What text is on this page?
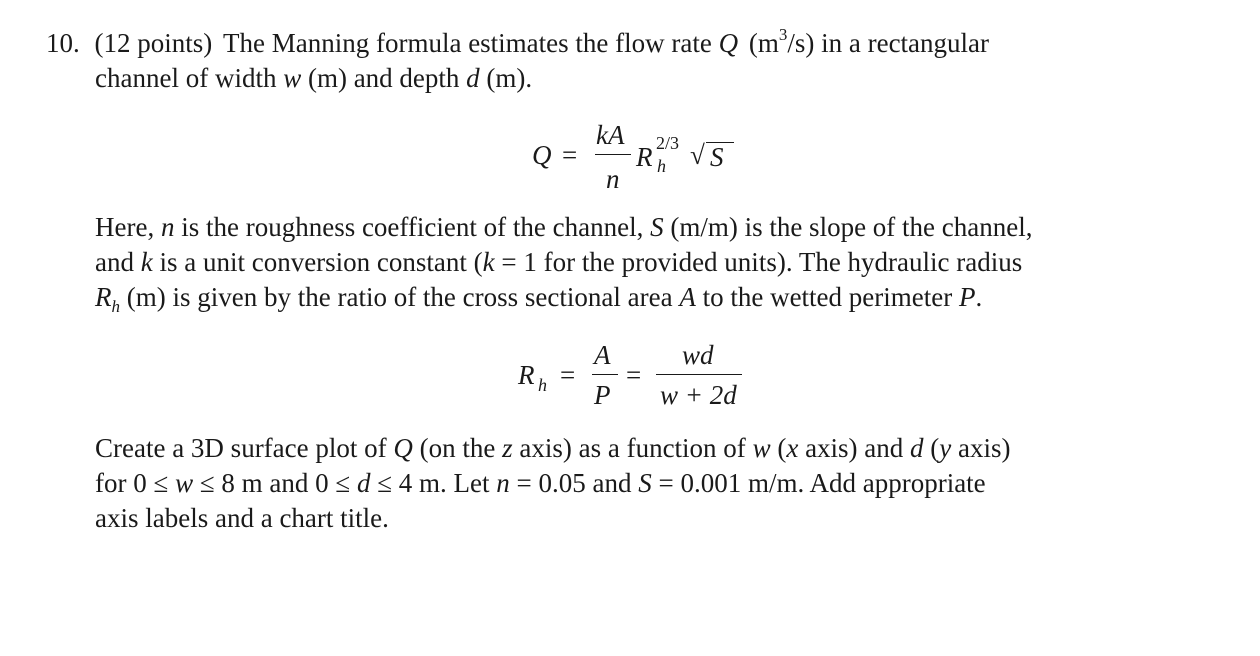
10. (12 points) The Manning formula estimates the flow rate Q $(m^3/s)$ in a rectangular
channel of width w (m) and depth d (m).
Q =
kA
n
R 2/3
h √ S
Here, n is the roughness coefficient of the channel, S (m/m) is the slope of the channel,
and k is a unit conversion constant (k = 1 for the provided units). The hydraulic radius
$R_h$ (m) is given by the ratio of the cross sectional area A to the wetted perimeter P.
R h =
A
P
=
wd
w + 2d
Create a 3D surface plot of Q (on the z axis) as a function of w (x axis) and d (y axis)
for 0 ≤ w ≤ 8 m and 0 ≤ d ≤ 4 m. Let n = 0.05 and S = 0.001 m/m. Add appropriate
axis labels and a chart title.
